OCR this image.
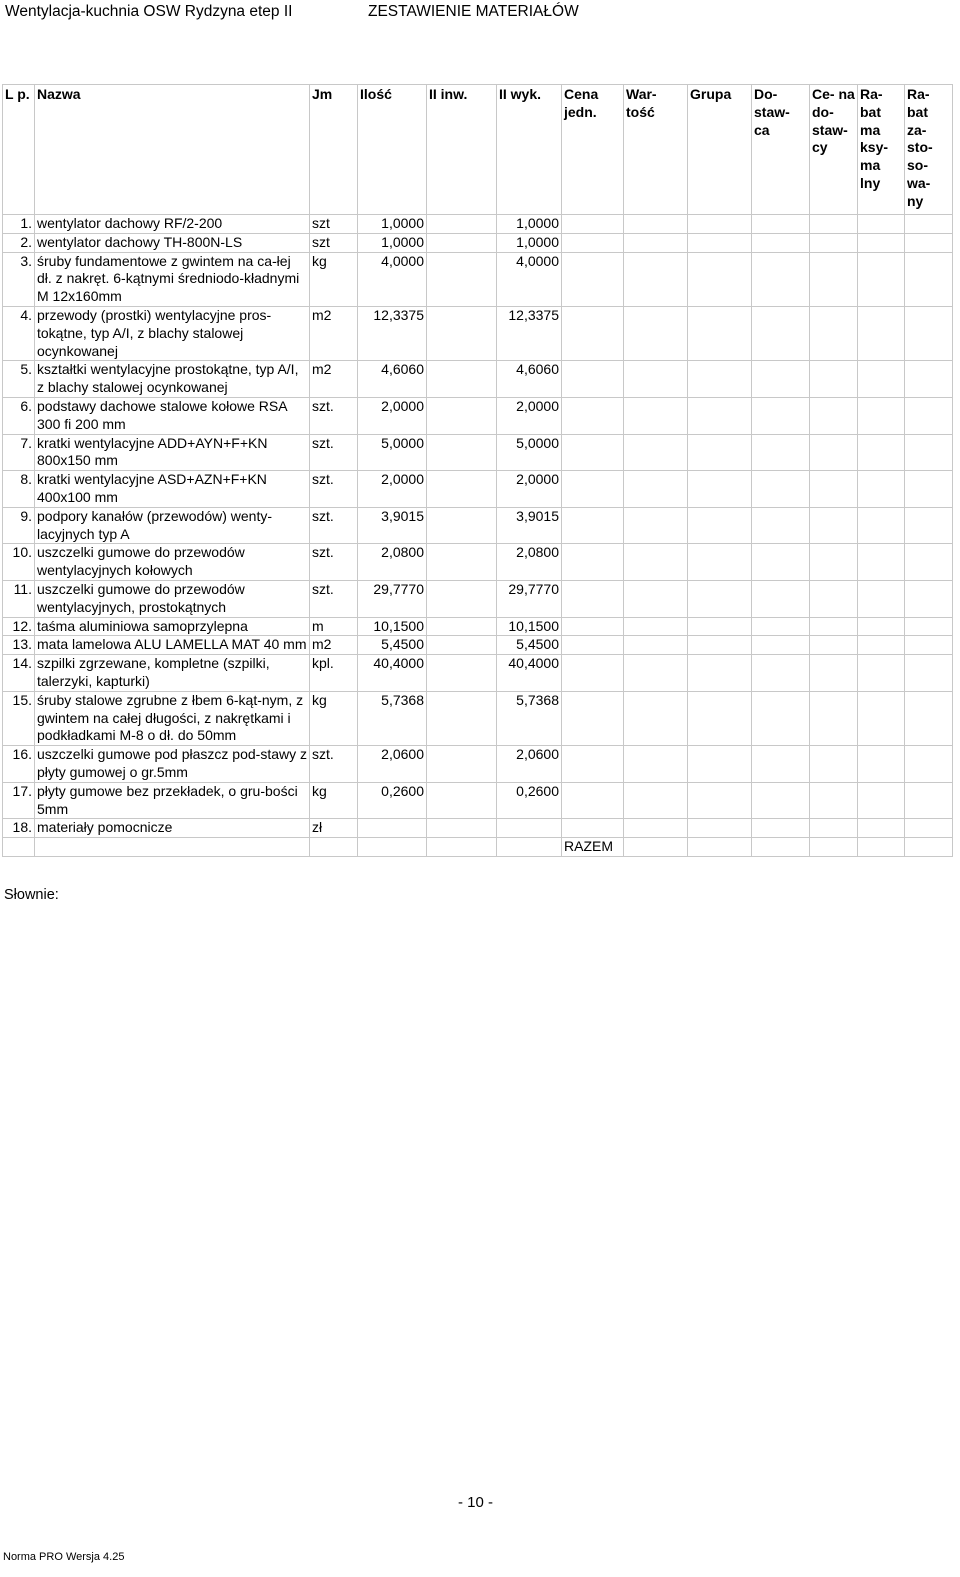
Wentylacja-kuchnia OSW Rydzyna etep II	ZESTAWIENIE MATERIAŁÓW
L p.	Nazwa	Jm	Ilość	II inw.	II wyk.	Cena jedn.	War- tość	Grupa	Do- staw- ca	Ce- na do- staw- cy	Ra- bat ma ksy- ma lny	Ra- bat za- sto- so- wa- ny
1.	wentylator dachowy RF/2-200	szt	1,0000		1,0000							
2.	wentylator dachowy TH-800N-LS	szt	1,0000		1,0000							
3.	śruby fundamentowe z gwintem na ca-łej dł. z nakręt. 6-kątnymi średniodo-kładnymi M 12x160mm	kg	4,0000		4,0000							
4.	przewody (prostki) wentylacyjne pros-tokątne, typ A/I, z blachy stalowej ocynkowanej	m2	12,3375		12,3375							
5.	kształtki wentylacyjne prostokątne, typ A/I, z blachy stalowej ocynkowanej	m2	4,6060		4,6060							
6.	podstawy dachowe stalowe kołowe RSA 300 fi 200 mm	szt.	2,0000		2,0000							
7.	kratki wentylacyjne ADD+AYN+F+KN 800x150 mm	szt.	5,0000		5,0000							
8.	kratki wentylacyjne ASD+AZN+F+KN 400x100 mm	szt.	2,0000		2,0000							
9.	podpory kanałów (przewodów) wenty-lacyjnych typ A	szt.	3,9015		3,9015							
10.	uszczelki gumowe do przewodów wentylacyjnych kołowych	szt.	2,0800		2,0800							
11.	uszczelki gumowe do przewodów wentylacyjnych, prostokątnych	szt.	29,7770		29,7770							
12.	taśma aluminiowa samoprzylepna	m	10,1500		10,1500							
13.	mata lamelowa ALU LAMELLA MAT 40 mm	m2	5,4500		5,4500							
14.	szpilki zgrzewane, kompletne (szpilki, talerzyki, kapturki)	kpl.	40,4000		40,4000							
15.	śruby stalowe zgrubne z łbem 6-kąt-nym, z gwintem na całej długości, z nakrętkami i podkładkami M-8 o dł. do 50mm	kg	5,7368		5,7368							
16.	uszczelki gumowe pod płaszcz pod-stawy z płyty gumowej o gr.5mm	szt.	2,0600		2,0600							
17.	płyty gumowe bez przekładek, o gru-bości 5mm	kg	0,2600		0,2600							
18.	materiały pomocnicze	zł										
						RAZEM						
Słownie:
- 10 -
Norma PRO Wersja 4.25
